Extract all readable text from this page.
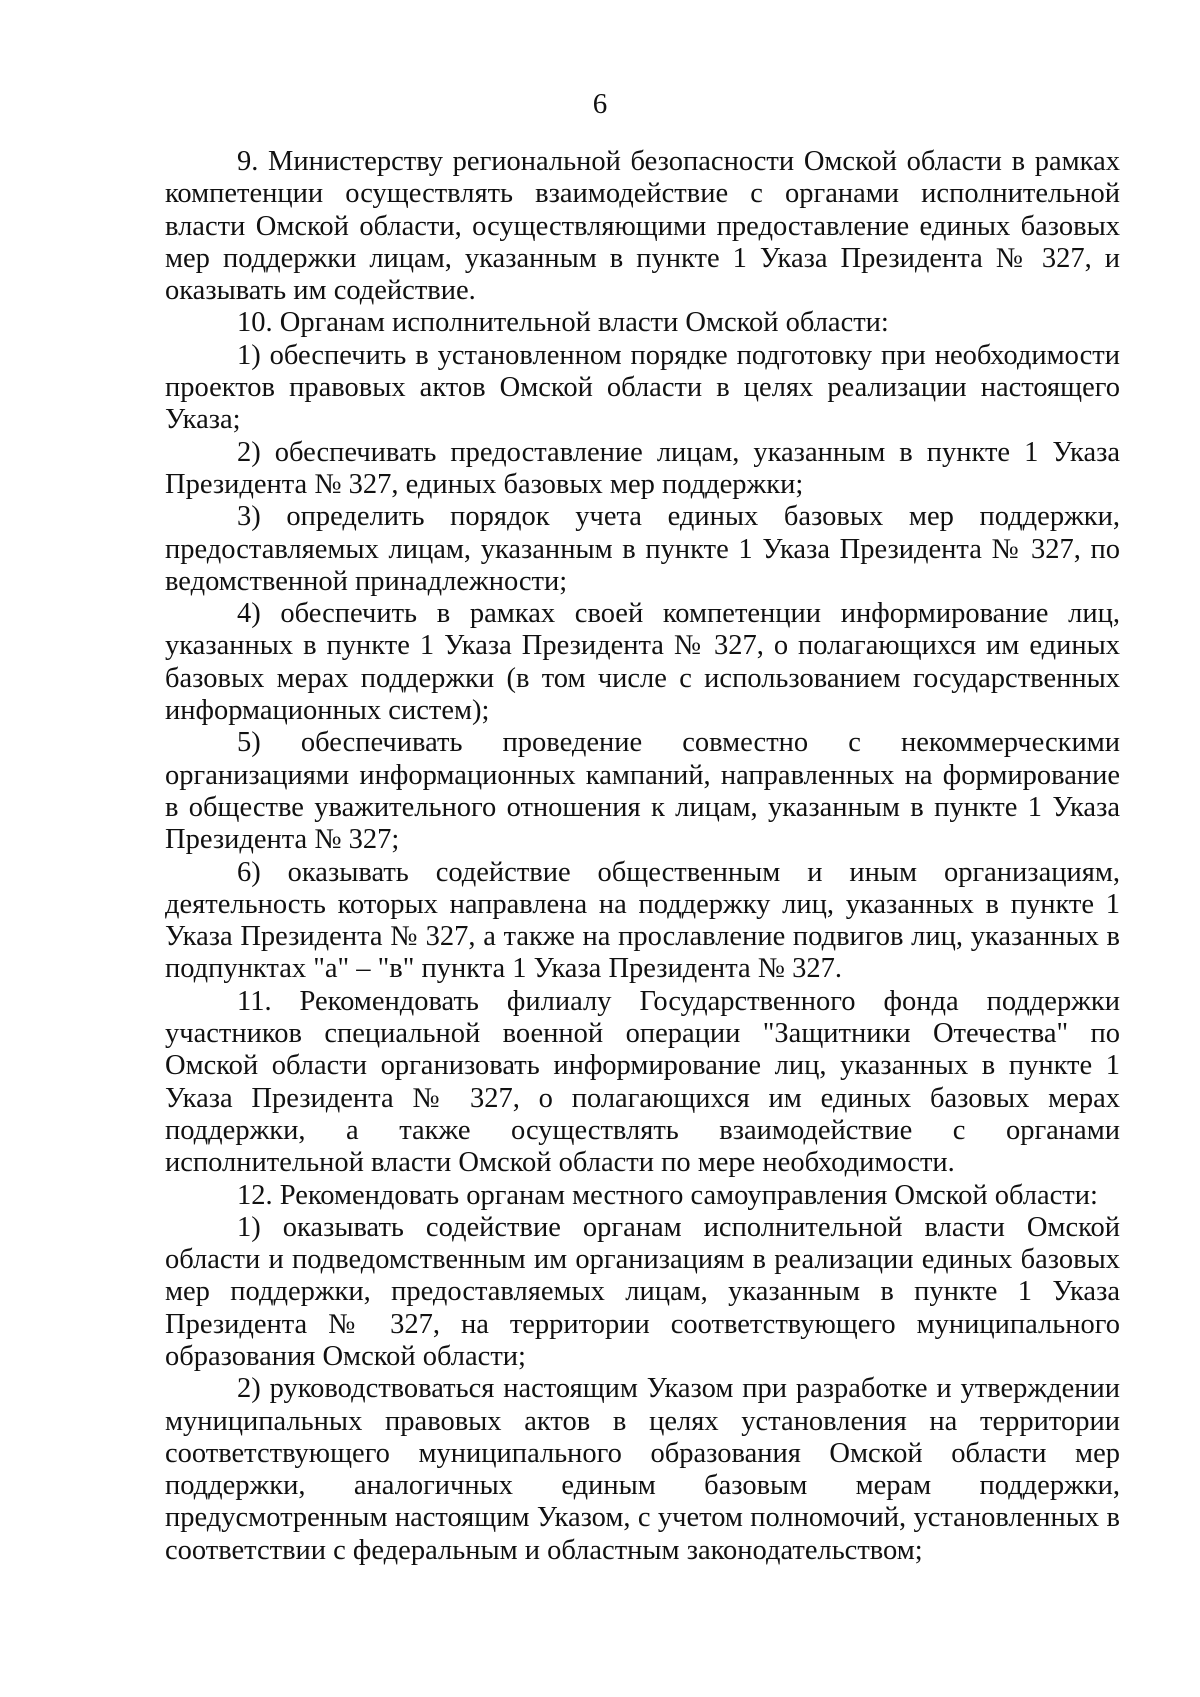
6

9. Министерству региональной безопасности Омской области в рамках компетенции осуществлять взаимодействие с органами исполнительной власти Омской области, осуществляющими предоставление единых базовых мер поддержки лицам, указанным в пункте 1 Указа Президента № 327, и оказывать им содействие.

10. Органам исполнительной власти Омской области:

1) обеспечить в установленном порядке подготовку при необходимости проектов правовых актов Омской области в целях реализации настоящего Указа;

2) обеспечивать предоставление лицам, указанным в пункте 1 Указа Президента № 327, единых базовых мер поддержки;

3) определить порядок учета единых базовых мер поддержки, предоставляемых лицам, указанным в пункте 1 Указа Президента № 327, по ведомственной принадлежности;

4) обеспечить в рамках своей компетенции информирование лиц, указанных в пункте 1 Указа Президента № 327, о полагающихся им единых базовых мерах поддержки (в том числе с использованием государственных информационных систем);

5) обеспечивать проведение совместно с некоммерческими организациями информационных кампаний, направленных на формирование в обществе уважительного отношения к лицам, указанным в пункте 1 Указа Президента № 327;

6) оказывать содействие общественным и иным организациям, деятельность которых направлена на поддержку лиц, указанных в пункте 1 Указа Президента № 327, а также на прославление подвигов лиц, указанных в подпунктах "а" – "в" пункта 1 Указа Президента № 327.

11. Рекомендовать филиалу Государственного фонда поддержки участников специальной военной операции "Защитники Отечества" по Омской области организовать информирование лиц, указанных в пункте 1 Указа Президента № 327, о полагающихся им единых базовых мерах поддержки, а также осуществлять взаимодействие с органами исполнительной власти Омской области по мере необходимости.

12. Рекомендовать органам местного самоуправления Омской области:

1) оказывать содействие органам исполнительной власти Омской области и подведомственным им организациям в реализации единых базовых мер поддержки, предоставляемых лицам, указанным в пункте 1 Указа Президента № 327, на территории соответствующего муниципального образования Омской области;

2) руководствоваться настоящим Указом при разработке и утверждении муниципальных правовых актов в целях установления на территории соответствующего муниципального образования Омской области мер поддержки, аналогичных единым базовым мерам поддержки, предусмотренным настоящим Указом, с учетом полномочий, установленных в соответствии с федеральным и областным законодательством;
